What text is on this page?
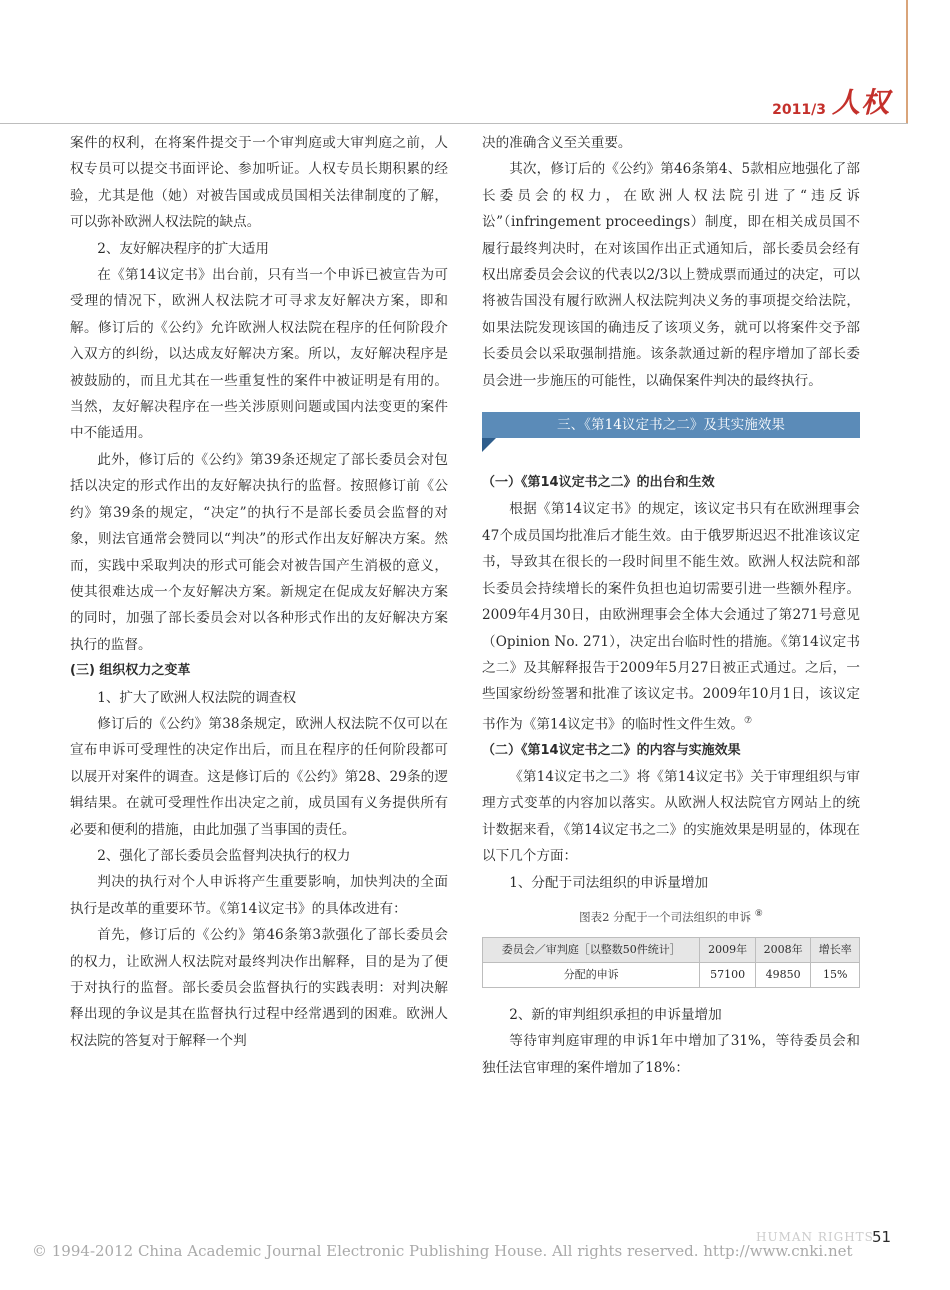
2011/3 人权

案件的权利，在将案件提交于一个审判庭或大审判庭之前，人权专员可以提交书面评论、参加听证。人权专员长期积累的经验，尤其是他（她）对被告国或成员国相关法律制度的了解，可以弥补欧洲人权法院的缺点。

2、友好解决程序的扩大适用

在《第14议定书》出台前，只有当一个申诉已被宣告为可受理的情况下，欧洲人权法院才可寻求友好解决方案，即和解。修订后的《公约》允许欧洲人权法院在程序的任何阶段介入双方的纠纷，以达成友好解决方案。所以，友好解决程序是被鼓励的，而且尤其在一些重复性的案件中被证明是有用的。当然，友好解决程序在一些关涉原则问题或国内法变更的案件中不能适用。

此外，修订后的《公约》第39条还规定了部长委员会对包括以决定的形式作出的友好解决执行的监督。按照修订前《公约》第39条的规定，“决定”的执行不是部长委员会监督的对象，则法官通常会赞同以“判决”的形式作出友好解决方案。然而，实践中采取判决的形式可能会对被告国产生消极的意义，使其很难达成一个友好解决方案。新规定在促成友好解决方案的同时，加强了部长委员会对以各种形式作出的友好解决方案执行的监督。

(三) 组织权力之变革

1、扩大了欧洲人权法院的调查权

修订后的《公约》第38条规定，欧洲人权法院不仅可以在宣布申诉可受理性的决定作出后，而且在程序的任何阶段都可以展开对案件的调查。这是修订后的《公约》第28、29条的逻辑结果。在就可受理性作出决定之前，成员国有义务提供所有必要和便利的措施，由此加强了当事国的责任。

2、强化了部长委员会监督判决执行的权力

判决的执行对个人申诉将产生重要影响，加快判决的全面执行是改革的重要环节。《第14议定书》的具体改进有：

首先，修订后的《公约》第46条第3款强化了部长委员会的权力，让欧洲人权法院对最终判决作出解释，目的是为了便于对执行的监督。部长委员会监督执行的实践表明：对判决解释出现的争议是其在监督执行过程中经常遇到的困难。欧洲人权法院的答复对于解释一个判

决的准确含义至关重要。

其次，修订后的《公约》第46条第4、5款相应地强化了部长委员会的权力，在欧洲人权法院引进了“违反诉讼”（infringement proceedings）制度，即在相关成员国不履行最终判决时，在对该国作出正式通知后，部长委员会经有权出席委员会会议的代表以2/3以上赞成票而通过的决定，可以将被告国没有履行欧洲人权法院判决义务的事项提交给法院，如果法院发现该国的确违反了该项义务，就可以将案件交予部长委员会以采取强制措施。该条款通过新的程序增加了部长委员会进一步施压的可能性，以确保案件判决的最终执行。

三、《第14议定书之二》及其实施效果
（一）《第14议定书之二》的出台和生效

根据《第14议定书》的规定，该议定书只有在欧洲理事会47个成员国均批准后才能生效。由于俄罗斯迟迟不批准该议定书，导致其在很长的一段时间里不能生效。欧洲人权法院和部长委员会持续增长的案件负担也迫切需要引进一些额外程序。2009年4月30日，由欧洲理事会全体大会通过了第271号意见（Opinion No. 271），决定出台临时性的措施。《第14议定书之二》及其解释报告于2009年5月27日被正式通过。之后，一些国家纷纷签署和批准了该议定书。2009年10月1日，该议定书作为《第14议定书》的临时性文件生效。⑦

（二）《第14议定书之二》的内容与实施效果

《第14议定书之二》将《第14议定书》关于审理组织与审理方式变革的内容加以落实。从欧洲人权法院官方网站上的统计数据来看，《第14议定书之二》的实施效果是明显的，体现在以下几个方面：

1、分配于司法组织的申诉量增加

图表2 分配于一个司法组织的申诉 ⑧
委员会／审判庭［以整数50件统计］	2009年	2008年	增长率
分配的申诉	57100	49850	15%

2、新的审判组织承担的申诉量增加

等待审判庭审理的申诉1年中增加了31%，等待委员会和独任法官审理的案件增加了18%：

© 1994-2012 China Academic Journal Electronic Publishing House. All rights reserved. http://www.cnki.net
HUMAN RIGHTS
51
